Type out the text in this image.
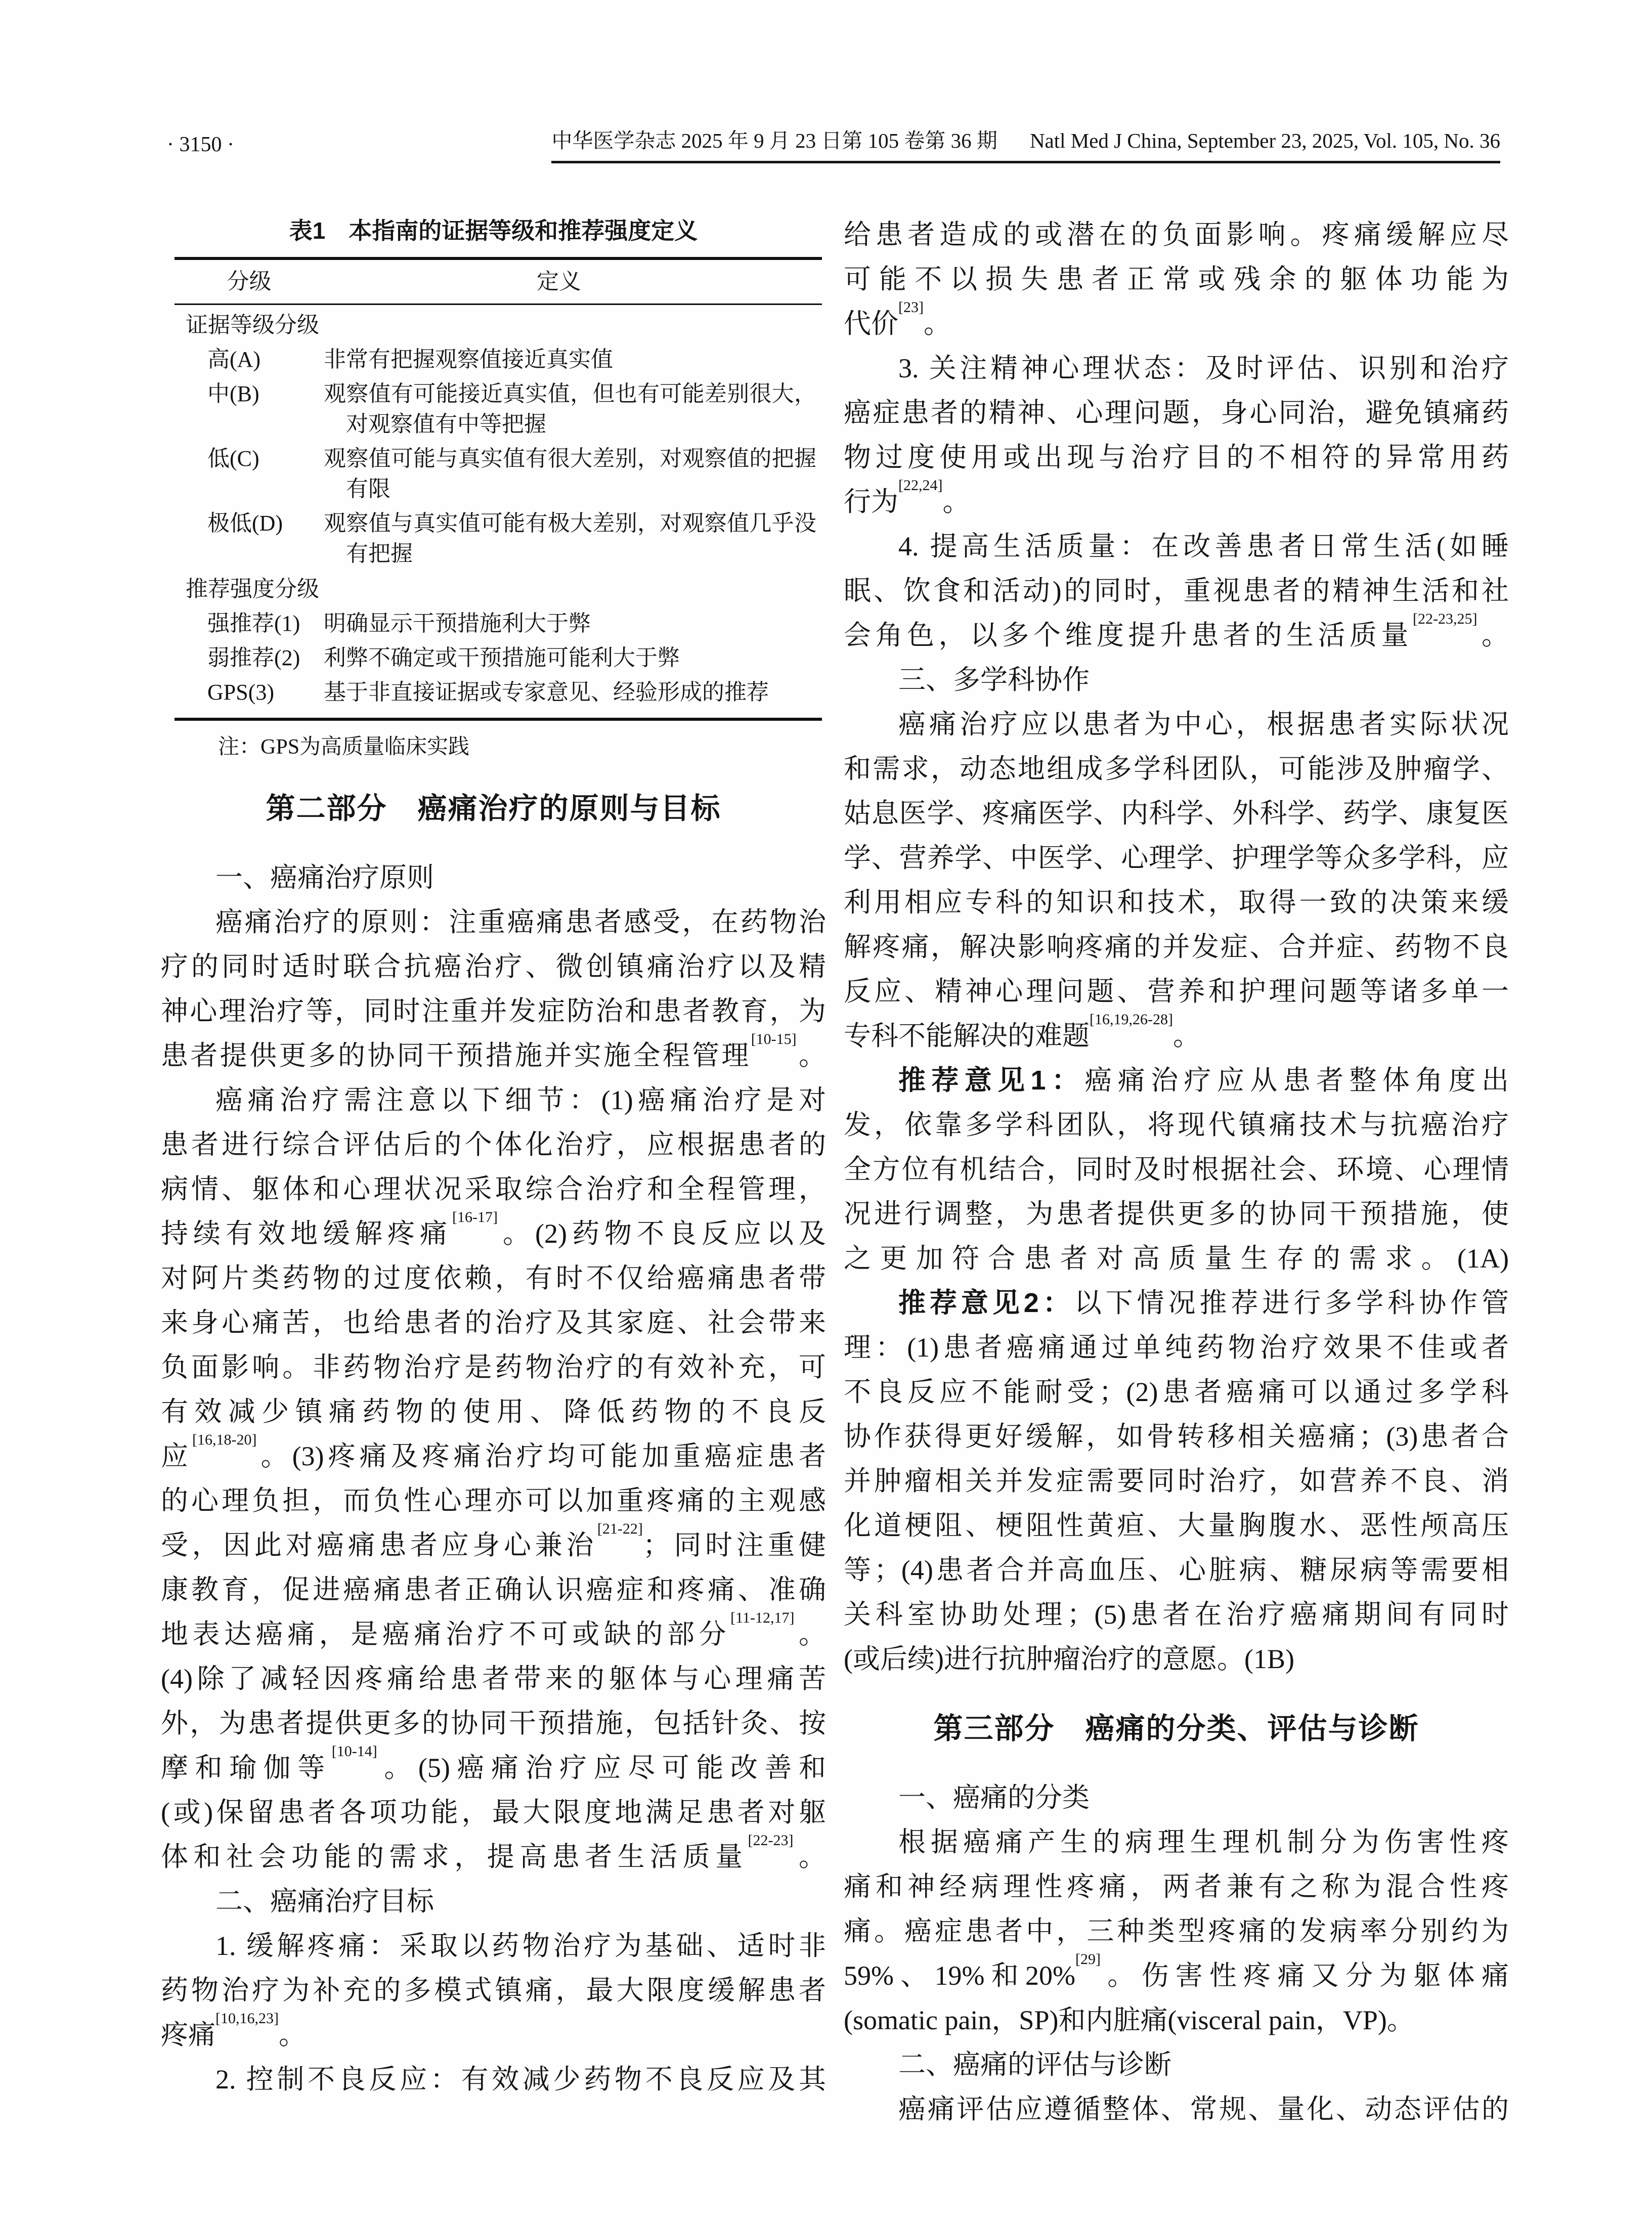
· 3150 ·	中华医学杂志 2025 年 9 月 23 日第 105 卷第 36 期 Natl Med J China, September 23, 2025, Vol. 105, No. 36
表1　本指南的证据等级和推荐强度定义
分级	定义
证据等级分级
高(A)	非常有把握观察值接近真实值
中(B)	观察值有可能接近真实值，但也有可能差别很大，对观察值有中等把握
低(C)	观察值可能与真实值有很大差别，对观察值的把握有限
极低(D)	观察值与真实值可能有极大差别，对观察值几乎没有把握
推荐强度分级
强推荐(1)	明确显示干预措施利大于弊
弱推荐(2)	利弊不确定或干预措施可能利大于弊
GPS(3)	基于非直接证据或专家意见、经验形成的推荐
注：GPS为高质量临床实践
第二部分　癌痛治疗的原则与目标
一、癌痛治疗原则
癌痛治疗的原则：注重癌痛患者感受，在药物治
疗的同时适时联合抗癌治疗、微创镇痛治疗以及精
神心理治疗等，同时注重并发症防治和患者教育，为
患者提供更多的协同干预措施并实施全程管理[10-15]。
癌痛治疗需注意以下细节：(1)癌痛治疗是对
患者进行综合评估后的个体化治疗，应根据患者的
病情、躯体和心理状况采取综合治疗和全程管理，
持续有效地缓解疼痛[16-17]。(2)药物不良反应以及
对阿片类药物的过度依赖，有时不仅给癌痛患者带
来身心痛苦，也给患者的治疗及其家庭、社会带来
负面影响。非药物治疗是药物治疗的有效补充，可
有效减少镇痛药物的使用、降低药物的不良反
应[16,18-20]。(3)疼痛及疼痛治疗均可能加重癌症患者
的心理负担，而负性心理亦可以加重疼痛的主观感
受，因此对癌痛患者应身心兼治[21-22]；同时注重健
康教育，促进癌痛患者正确认识癌症和疼痛、准确
地表达癌痛，是癌痛治疗不可或缺的部分[11-12,17]。
(4)除了减轻因疼痛给患者带来的躯体与心理痛苦
外，为患者提供更多的协同干预措施，包括针灸、按
摩和瑜伽等[10-14]。(5)癌痛治疗应尽可能改善和
(或)保留患者各项功能，最大限度地满足患者对躯
体和社会功能的需求，提高患者生活质量[22-23]。
二、癌痛治疗目标
1. 缓解疼痛：采取以药物治疗为基础、适时非
药物治疗为补充的多模式镇痛，最大限度缓解患者
疼痛[10,16,23]。
2. 控制不良反应：有效减少药物不良反应及其
给患者造成的或潜在的负面影响。疼痛缓解应尽
可能不以损失患者正常或残余的躯体功能为
代价[23]。
3. 关注精神心理状态：及时评估、识别和治疗
癌症患者的精神、心理问题，身心同治，避免镇痛药
物过度使用或出现与治疗目的不相符的异常用药
行为[22,24]。
4. 提高生活质量：在改善患者日常生活(如睡
眠、饮食和活动)的同时，重视患者的精神生活和社
会角色，以多个维度提升患者的生活质量[22-23,25]。
三、多学科协作
癌痛治疗应以患者为中心，根据患者实际状况
和需求，动态地组成多学科团队，可能涉及肿瘤学、
姑息医学、疼痛医学、内科学、外科学、药学、康复医
学、营养学、中医学、心理学、护理学等众多学科，应
利用相应专科的知识和技术，取得一致的决策来缓
解疼痛，解决影响疼痛的并发症、合并症、药物不良
反应、精神心理问题、营养和护理问题等诸多单一
专科不能解决的难题[16,19,26-28]。
推荐意见1：癌痛治疗应从患者整体角度出
发，依靠多学科团队，将现代镇痛技术与抗癌治疗
全方位有机结合，同时及时根据社会、环境、心理情
况进行调整，为患者提供更多的协同干预措施，使
之更加符合患者对高质量生存的需求。(1A)
推荐意见2：以下情况推荐进行多学科协作管
理：(1)患者癌痛通过单纯药物治疗效果不佳或者
不良反应不能耐受；(2)患者癌痛可以通过多学科
协作获得更好缓解，如骨转移相关癌痛；(3)患者合
并肿瘤相关并发症需要同时治疗，如营养不良、消
化道梗阻、梗阻性黄疸、大量胸腹水、恶性颅高压
等；(4)患者合并高血压、心脏病、糖尿病等需要相
关科室协助处理；(5)患者在治疗癌痛期间有同时
(或后续)进行抗肿瘤治疗的意愿。(1B)
第三部分　癌痛的分类、评估与诊断
一、癌痛的分类
根据癌痛产生的病理生理机制分为伤害性疼
痛和神经病理性疼痛，两者兼有之称为混合性疼
痛。癌症患者中，三种类型疼痛的发病率分别约为
59%、19%和20%[29]。伤害性疼痛又分为躯体痛
(somatic pain，SP)和内脏痛(visceral pain，VP)。
二、癌痛的评估与诊断
癌痛评估应遵循整体、常规、量化、动态评估的
